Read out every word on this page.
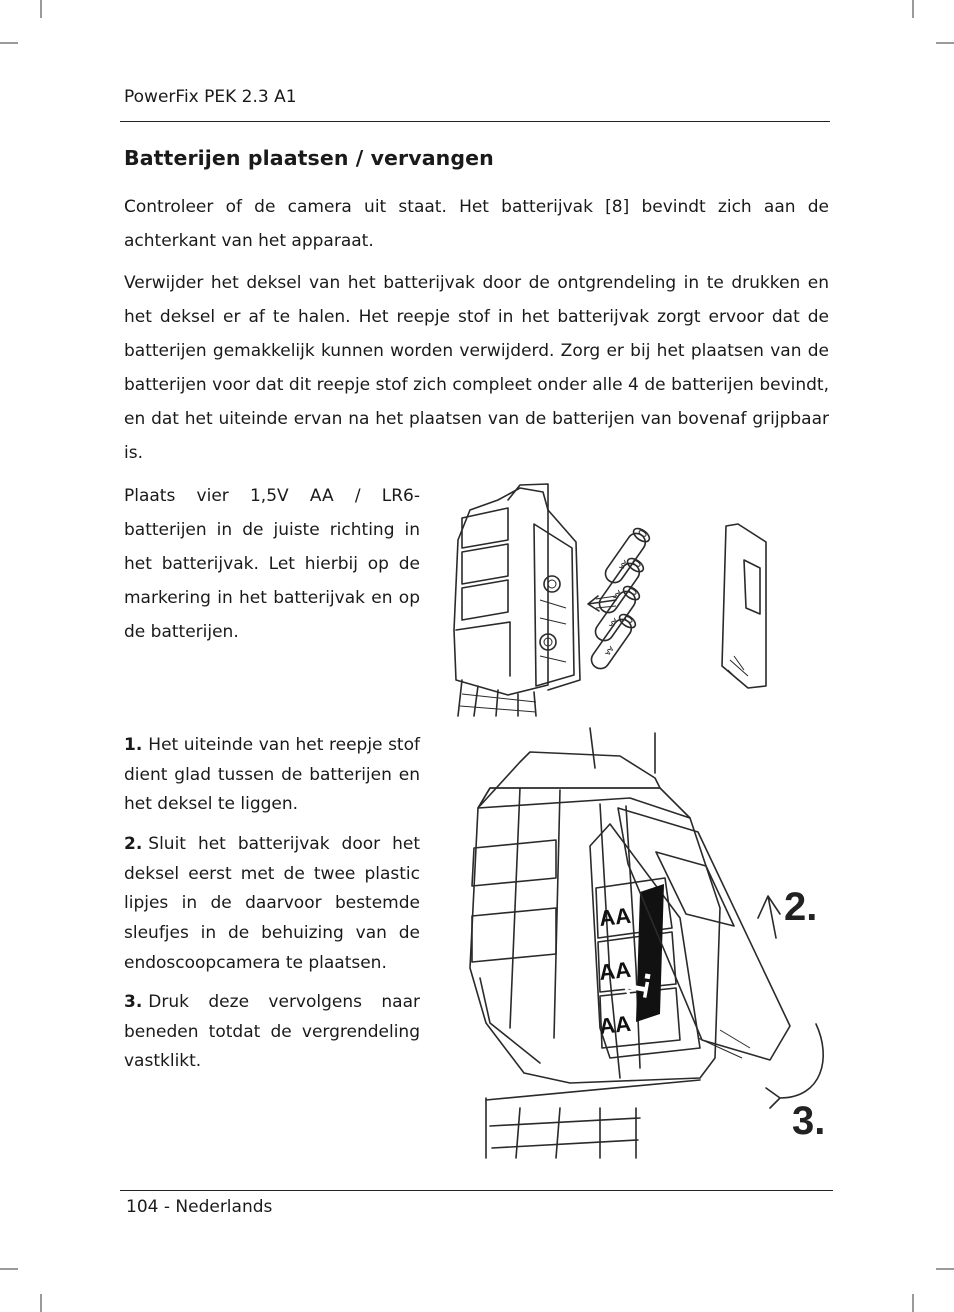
PowerFix PEK 2.3 A1
Batterijen plaatsen / vervangen

Controleer of de camera uit staat. Het batterijvak [8] bevindt zich aan de achterkant van het apparaat.

Verwijder het deksel van het batterijvak door de ontgrendeling in te drukken en het deksel er af te halen. Het reepje stof in het batterijvak zorgt ervoor dat de batterijen gemakkelijk kunnen worden verwijderd. Zorg er bij het plaatsen van de batterijen voor dat dit reepje stof zich compleet onder alle 4 de batterijen bevindt, en dat het uiteinde ervan na het plaatsen van de batterijen van bovenaf grijpbaar is.

Plaats vier 1,5V AA / LR6-batterijen in de juiste richting in het batterijvak. Let hierbij op de markering in het batterijvak en op de batterijen.

1. Het uiteinde van het reepje stof dient glad tussen de batterijen en het deksel te liggen.
2. Sluit het batterijvak door het deksel eerst met de twee plastic lipjes in de daarvoor bestemde sleufjes in de behuizing van de endoscoopcamera te plaatsen.
3. Druk deze vervolgens naar beneden totdat de vergrendeling vastklikt.
AA
AA
AA
AA
AA
AA
AA
1.
2.
3.
104 - Nederlands
